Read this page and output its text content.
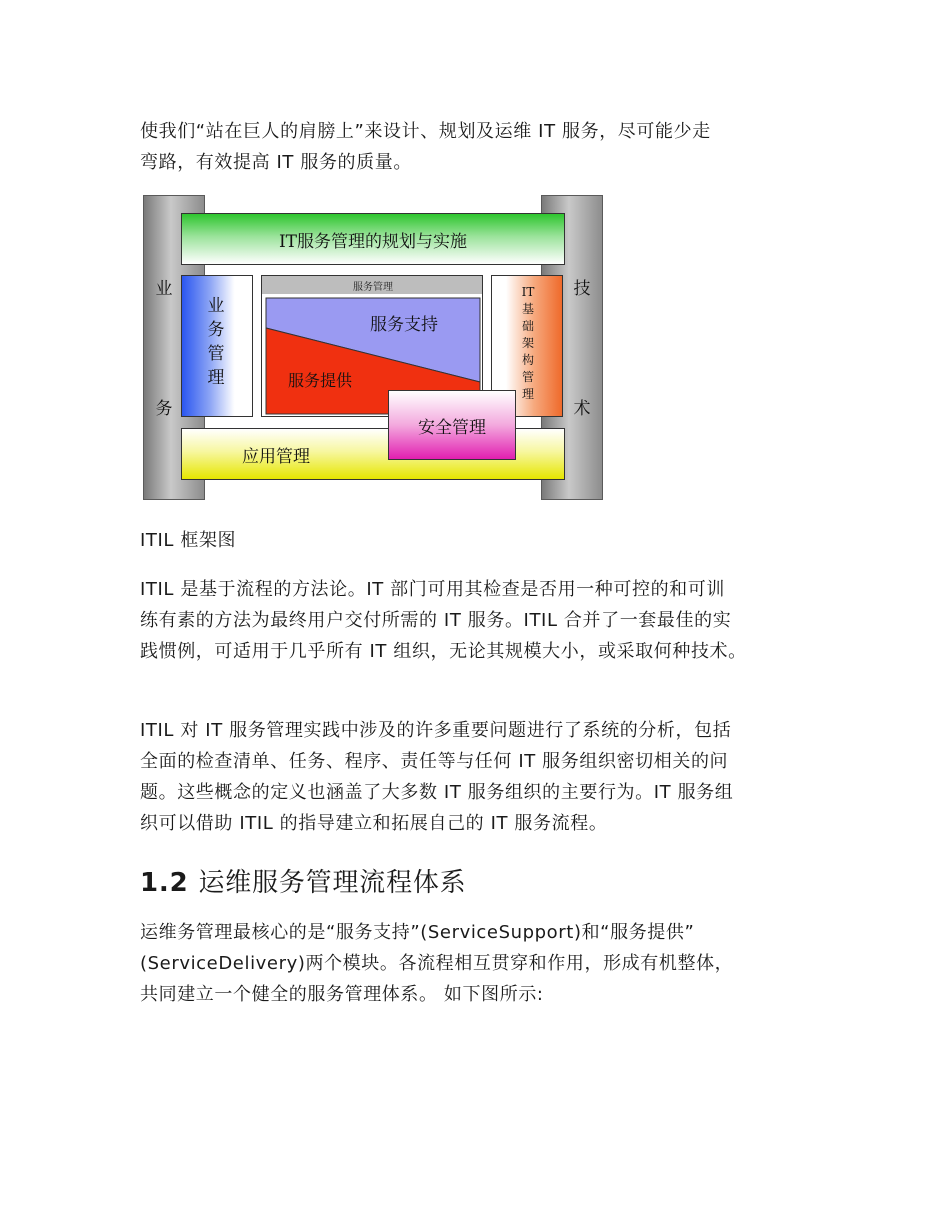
使我们“站在巨人的肩膀上”来设计、规划及运维 IT 服务，尽可能少走
弯路，有效提高 IT 服务的质量。
业
务
技
术
IT服务管理的规划与实施
业
务
管
理
服务管理
服务支持
服务提供
IT
基
础
架
构
管
理
应用管理
安全管理
ITIL 框架图
ITIL 是基于流程的方法论。IT 部门可用其检查是否用一种可控的和可训
练有素的方法为最终用户交付所需的 IT 服务。ITIL 合并了一套最佳的实
践惯例，可适用于几乎所有 IT 组织，无论其规模大小，或采取何种技术。
ITIL 对 IT 服务管理实践中涉及的许多重要问题进行了系统的分析，包括
全面的检查清单、任务、程序、责任等与任何 IT 服务组织密切相关的问
题。这些概念的定义也涵盖了大多数 IT 服务组织的主要行为。IT 服务组
织可以借助 ITIL 的指导建立和拓展自己的 IT 服务流程。
1.2 运维服务管理流程体系
运维务管理最核心的是“服务支持”(ServiceSupport)和“服务提供”
(ServiceDelivery)两个模块。各流程相互贯穿和作用，形成有机整体，
共同建立一个健全的服务管理体系。 如下图所示:
